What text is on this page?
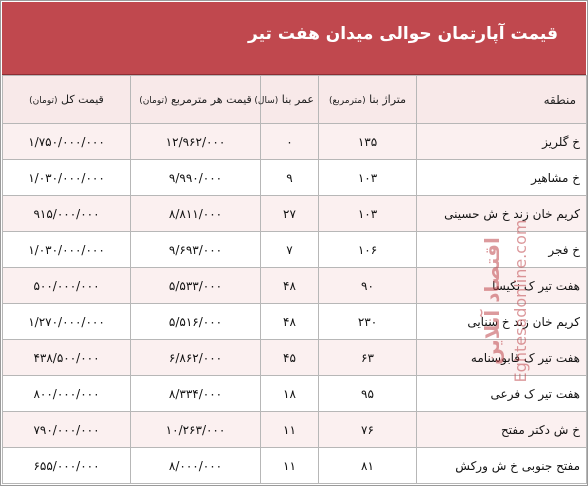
قیمت آپارتمان حوالی میدان هفت تیر
منطقه	متراژ بنا (مترمربع)	عمر بنا (سال)	قیمت هر مترمربع (تومان)	قیمت کل (تومان)
خ گلریز	۱۳۵	۰	۱۲/۹۶۲/۰۰۰	۱/۷۵۰/۰۰۰/۰۰۰
خ مشاهیر	۱۰۳	۹	۹/۹۹۰/۰۰۰	۱/۰۳۰/۰۰۰/۰۰۰
کریم خان زند خ ش حسینی	۱۰۳	۲۷	۸/۸۱۱/۰۰۰	۹۱۵/۰۰۰/۰۰۰
خ فجر	۱۰۶	۷	۹/۶۹۳/۰۰۰	۱/۰۳۰/۰۰۰/۰۰۰
هفت تیر ک نکیسا	۹۰	۴۸	۵/۵۳۳/۰۰۰	۵۰۰/۰۰۰/۰۰۰
کریم خان زند خ سنایی	۲۳۰	۴۸	۵/۵۱۶/۰۰۰	۱/۲۷۰/۰۰۰/۰۰۰
هفت تیر ک قابوسنامه	۶۳	۴۵	۶/۸۶۲/۰۰۰	۴۳۸/۵۰۰/۰۰۰
هفت تیر ک فرعی	۹۵	۱۸	۸/۳۳۴/۰۰۰	۸۰۰/۰۰۰/۰۰۰
خ ش دکتر مفتح	۷۶	۱۱	۱۰/۲۶۳/۰۰۰	۷۹۰/۰۰۰/۰۰۰
مفتح جنوبی خ ش ورکش	۸۱	۱۱	۸/۰۰۰/۰۰۰	۶۵۵/۰۰۰/۰۰۰
اقتصاد آنلاین Eghtesadonline.com
